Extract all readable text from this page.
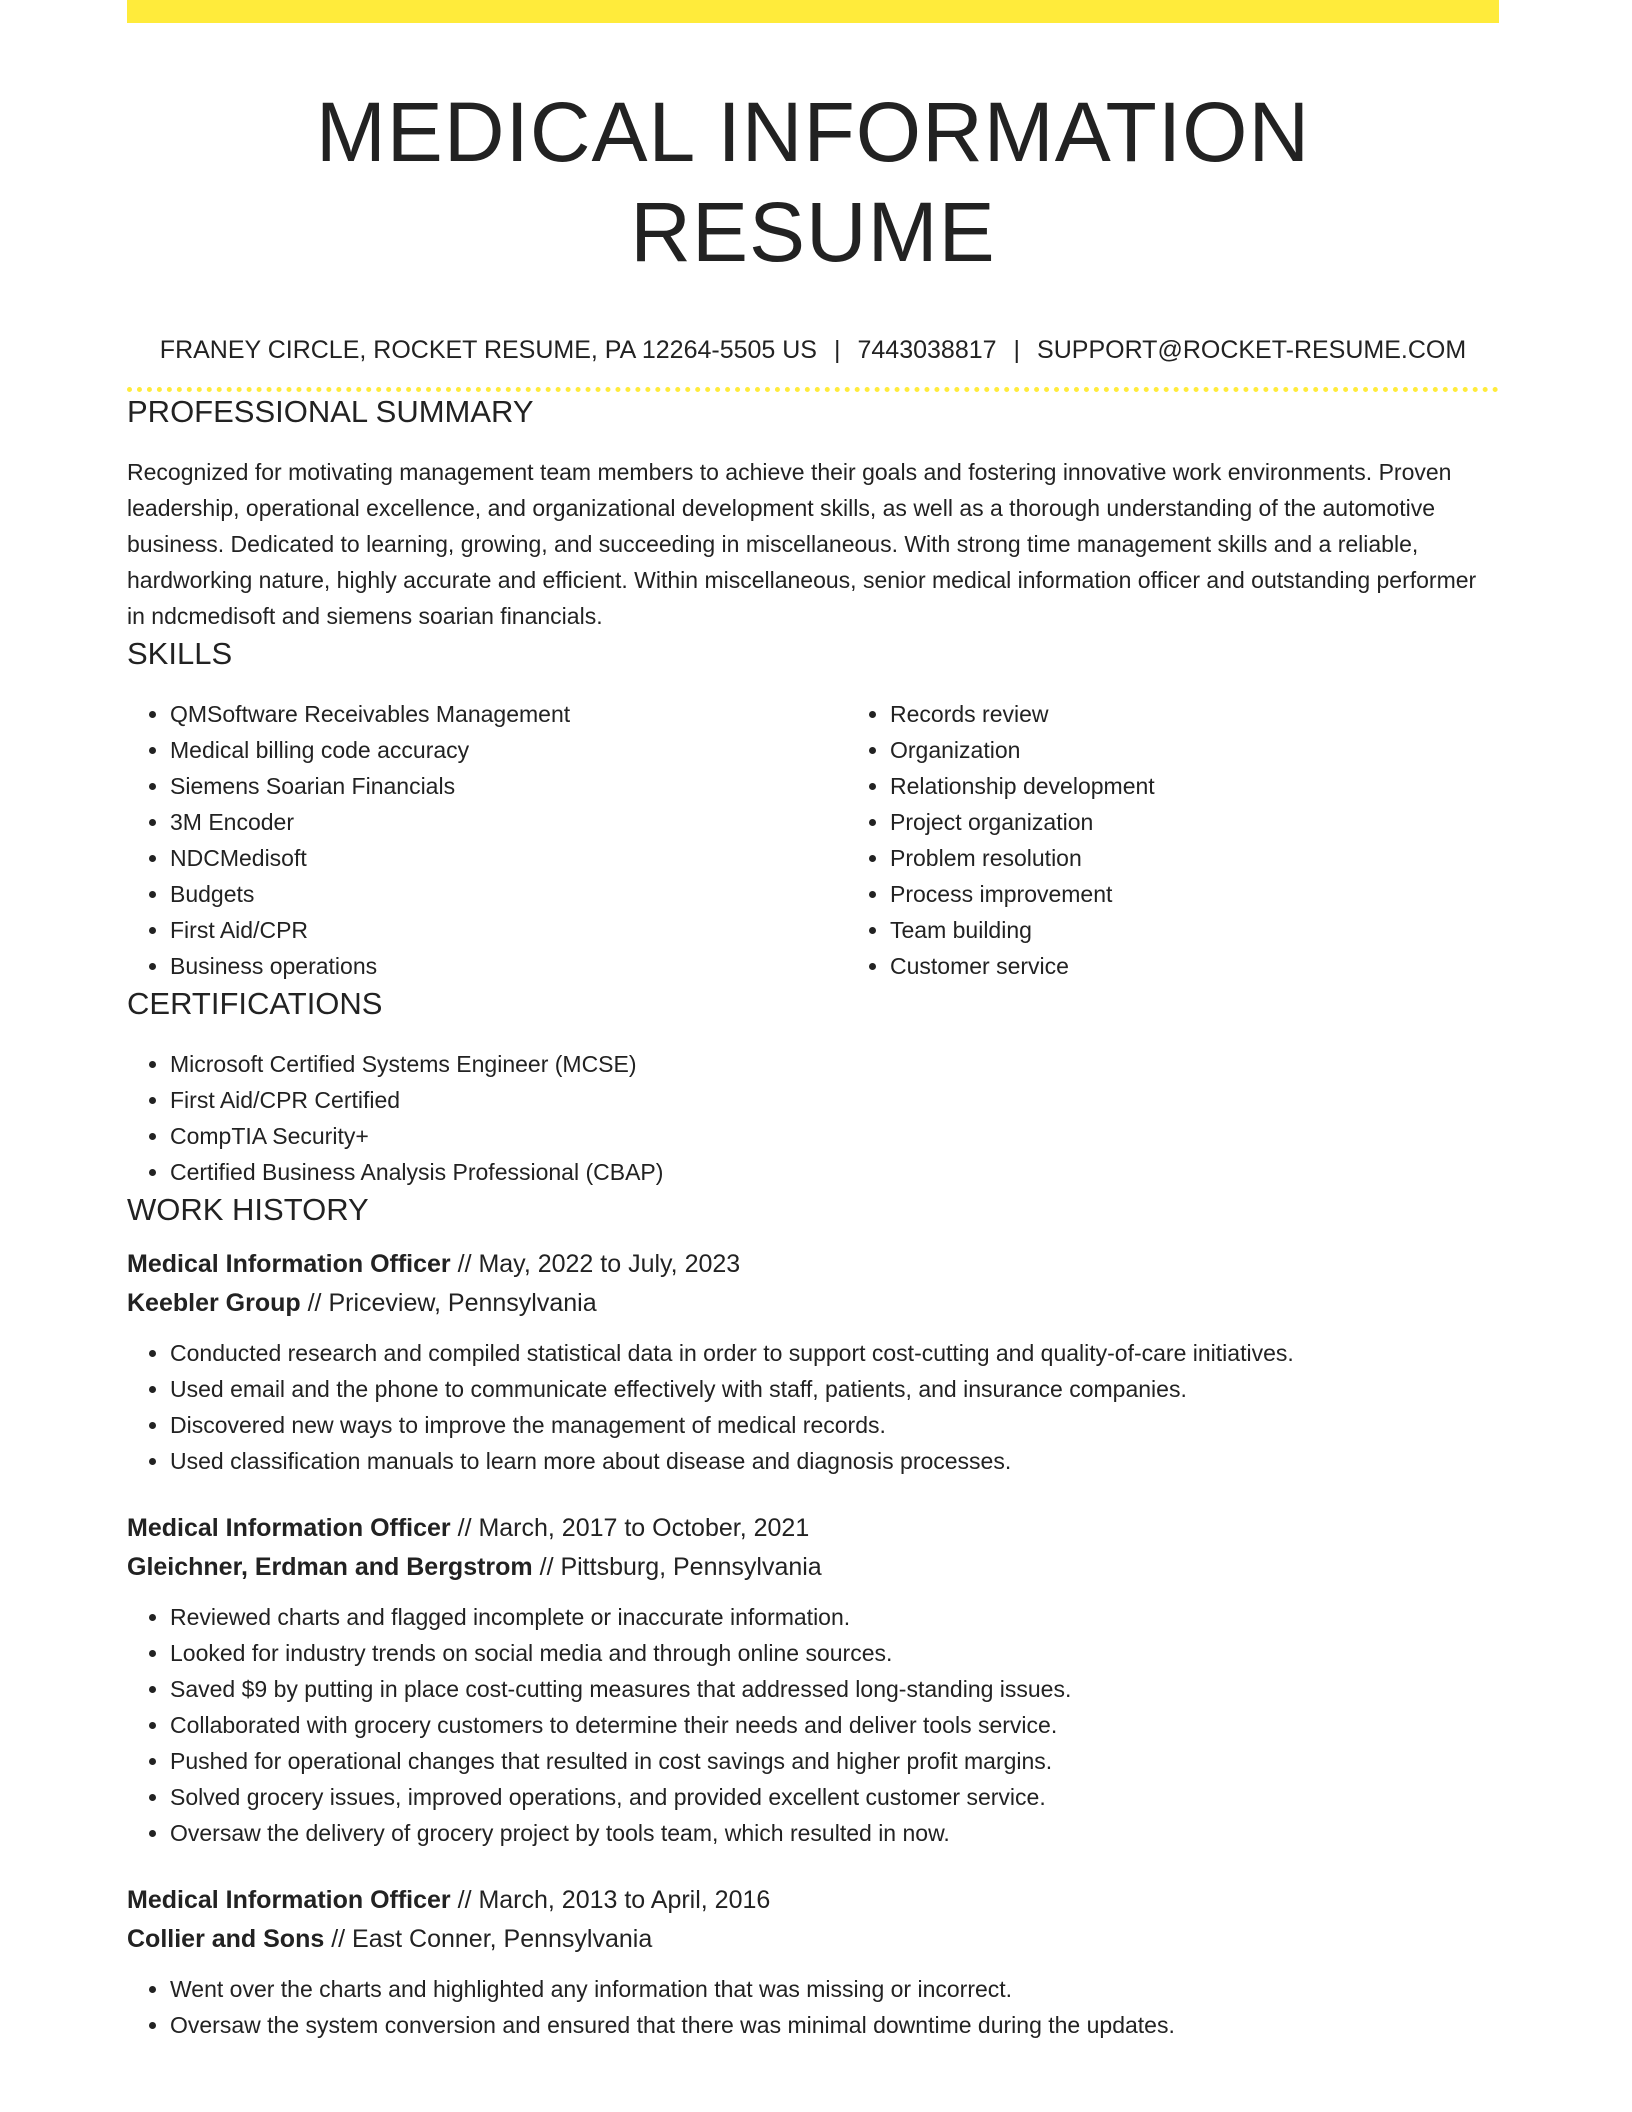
MEDICAL INFORMATION RESUME
FRANEY CIRCLE, ROCKET RESUME, PA 12264-5505 US | 7443038817 | SUPPORT@ROCKET-RESUME.COM
PROFESSIONAL SUMMARY
Recognized for motivating management team members to achieve their goals and fostering innovative work environments. Proven leadership, operational excellence, and organizational development skills, as well as a thorough understanding of the automotive business. Dedicated to learning, growing, and succeeding in miscellaneous. With strong time management skills and a reliable, hardworking nature, highly accurate and efficient. Within miscellaneous, senior medical information officer and outstanding performer in ndcmedisoft and siemens soarian financials.
SKILLS
• QMSoftware Receivables Management
• Medical billing code accuracy
• Siemens Soarian Financials
• 3M Encoder
• NDCMedisoft
• Budgets
• First Aid/CPR
• Business operations
• Records review
• Organization
• Relationship development
• Project organization
• Problem resolution
• Process improvement
• Team building
• Customer service
CERTIFICATIONS
• Microsoft Certified Systems Engineer (MCSE)
• First Aid/CPR Certified
• CompTIA Security+
• Certified Business Analysis Professional (CBAP)
WORK HISTORY
Medical Information Officer // May, 2022 to July, 2023
Keebler Group // Priceview, Pennsylvania
• Conducted research and compiled statistical data in order to support cost-cutting and quality-of-care initiatives.
• Used email and the phone to communicate effectively with staff, patients, and insurance companies.
• Discovered new ways to improve the management of medical records.
• Used classification manuals to learn more about disease and diagnosis processes.
Medical Information Officer // March, 2017 to October, 2021
Gleichner, Erdman and Bergstrom // Pittsburg, Pennsylvania
• Reviewed charts and flagged incomplete or inaccurate information.
• Looked for industry trends on social media and through online sources.
• Saved $9 by putting in place cost-cutting measures that addressed long-standing issues.
• Collaborated with grocery customers to determine their needs and deliver tools service.
• Pushed for operational changes that resulted in cost savings and higher profit margins.
• Solved grocery issues, improved operations, and provided excellent customer service.
• Oversaw the delivery of grocery project by tools team, which resulted in now.
Medical Information Officer // March, 2013 to April, 2016
Collier and Sons // East Conner, Pennsylvania
• Went over the charts and highlighted any information that was missing or incorrect.
• Oversaw the system conversion and ensured that there was minimal downtime during the updates.
